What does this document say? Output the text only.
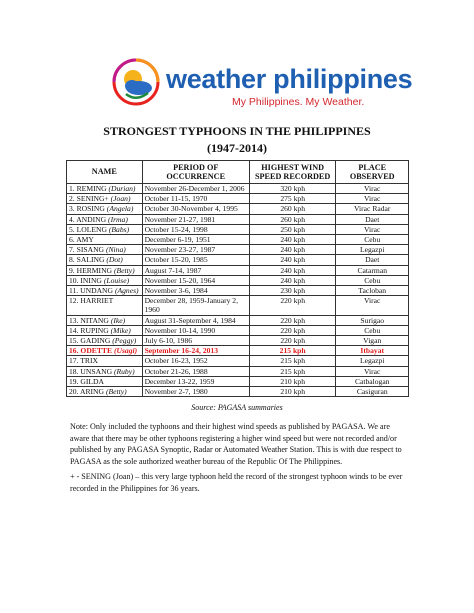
weather philippines
My Philippines. My Weather.
STRONGEST TYPHOONS IN THE PHILIPPINES
(1947-2014)
NAME	PERIOD OF OCCURRENCE	HIGHEST WIND SPEED RECORDED	PLACE OBSERVED
1. REMING (Durian)	November 26-December 1, 2006	320 kph	Virac
2. SENING+ (Joan)	October 11-15, 1970	275 kph	Virac
3. ROSING (Angela)	October 30-November 4, 1995	260 kph	Virac Radar
4. ANDING (Irma)	November 21-27, 1981	260 kph	Daet
5. LOLENG (Babs)	October 15-24, 1998	250 kph	Virac
6. AMY	December 6-19, 1951	240 kph	Cebu
7. SISANG (Nina)	November 23-27, 1987	240 kph	Legazpi
8. SALING (Dot)	October 15-20, 1985	240 kph	Daet
9. HERMING (Betty)	August 7-14, 1987	240 kph	Catarman
10. INING (Louise)	November 15-20, 1964	240 kph	Cebu
11. UNDANG (Agnes)	November 3-6, 1984	230 kph	Tacloban
12. HARRIET	December 28, 1959-January 2, 1960	220 kph	Virac
13. NITANG (Ike)	August 31-September 4, 1984	220 kph	Surigao
14. RUPING (Mike)	November 10-14, 1990	220 kph	Cebu
15. GADING (Peggy)	July 6-10, 1986	220 kph	Vigan
16. ODETTE (Usagi)	September 16-24, 2013	215 kph	Itbayat
17. TRIX	October 16-23, 1952	215 kph	Legazpi
18. UNSANG (Ruby)	October 21-26, 1988	215 kph	Virac
19. GILDA	December 13-22, 1959	210 kph	Catbalogan
20. ARING (Betty)	November 2-7, 1980	210 kph	Casiguran
Source: PAGASA summaries
Note: Only included the typhoons and their highest wind speeds as published by PAGASA. We are aware that there may be other typhoons registering a higher wind speed but were not recorded and/or published by any PAGASA Synoptic, Radar or Automated Weather Station. This is with due respect to PAGASA as the sole authorized weather bureau of the Republic Of The Philippines.
+ - SENING (Joan) – this very large typhoon held the record of the strongest typhoon winds to be ever recorded in the Philippines for 36 years.
